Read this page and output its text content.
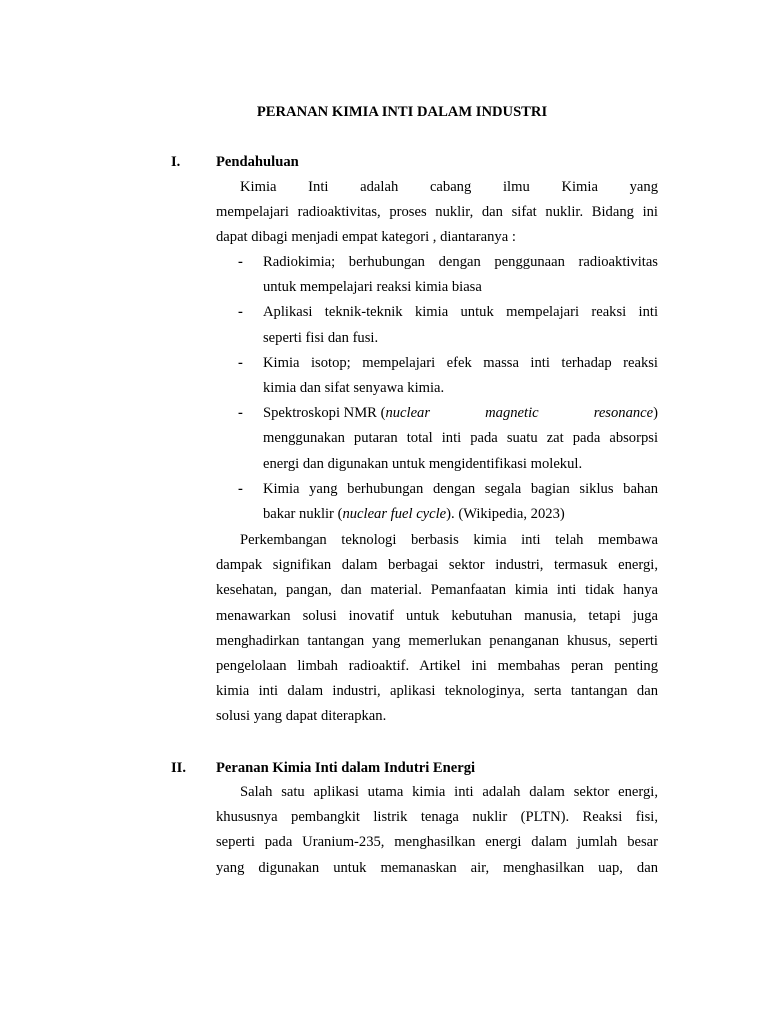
PERANAN KIMIA INTI DALAM INDUSTRI
I. Pendahuluan
Kimia Inti adalah cabang ilmu Kimia yang
mempelajari radioaktivitas, proses nuklir, dan sifat nuklir. Bidang ini
dapat dibagi menjadi empat kategori , diantaranya :
- Radiokimia; berhubungan dengan penggunaan radioaktivitas
untuk mempelajari reaksi kimia biasa
- Aplikasi teknik-teknik kimia untuk mempelajari reaksi inti
seperti fisi dan fusi.
- Kimia isotop; mempelajari efek massa inti terhadap reaksi
kimia dan sifat senyawa kimia.
- Spektroskopi NMR (nuclear	magnetic	resonance)
menggunakan putaran total inti pada suatu zat pada absorpsi
energi dan digunakan untuk mengidentifikasi molekul.
- Kimia yang berhubungan dengan segala bagian siklus bahan
bakar nuklir (nuclear fuel cycle). (Wikipedia, 2023)
Perkembangan teknologi berbasis kimia inti telah membawa
dampak signifikan dalam berbagai sektor industri, termasuk energi,
kesehatan, pangan, dan material. Pemanfaatan kimia inti tidak hanya
menawarkan solusi inovatif untuk kebutuhan manusia, tetapi juga
menghadirkan tantangan yang memerlukan penanganan khusus, seperti
pengelolaan limbah radioaktif. Artikel ini membahas peran penting
kimia inti dalam industri, aplikasi teknologinya, serta tantangan dan
solusi yang dapat diterapkan.
II. Peranan Kimia Inti dalam Indutri Energi
Salah satu aplikasi utama kimia inti adalah dalam sektor energi,
khususnya pembangkit listrik tenaga nuklir (PLTN). Reaksi fisi,
seperti pada Uranium-235, menghasilkan energi dalam jumlah besar
yang digunakan untuk memanaskan air, menghasilkan uap, dan
